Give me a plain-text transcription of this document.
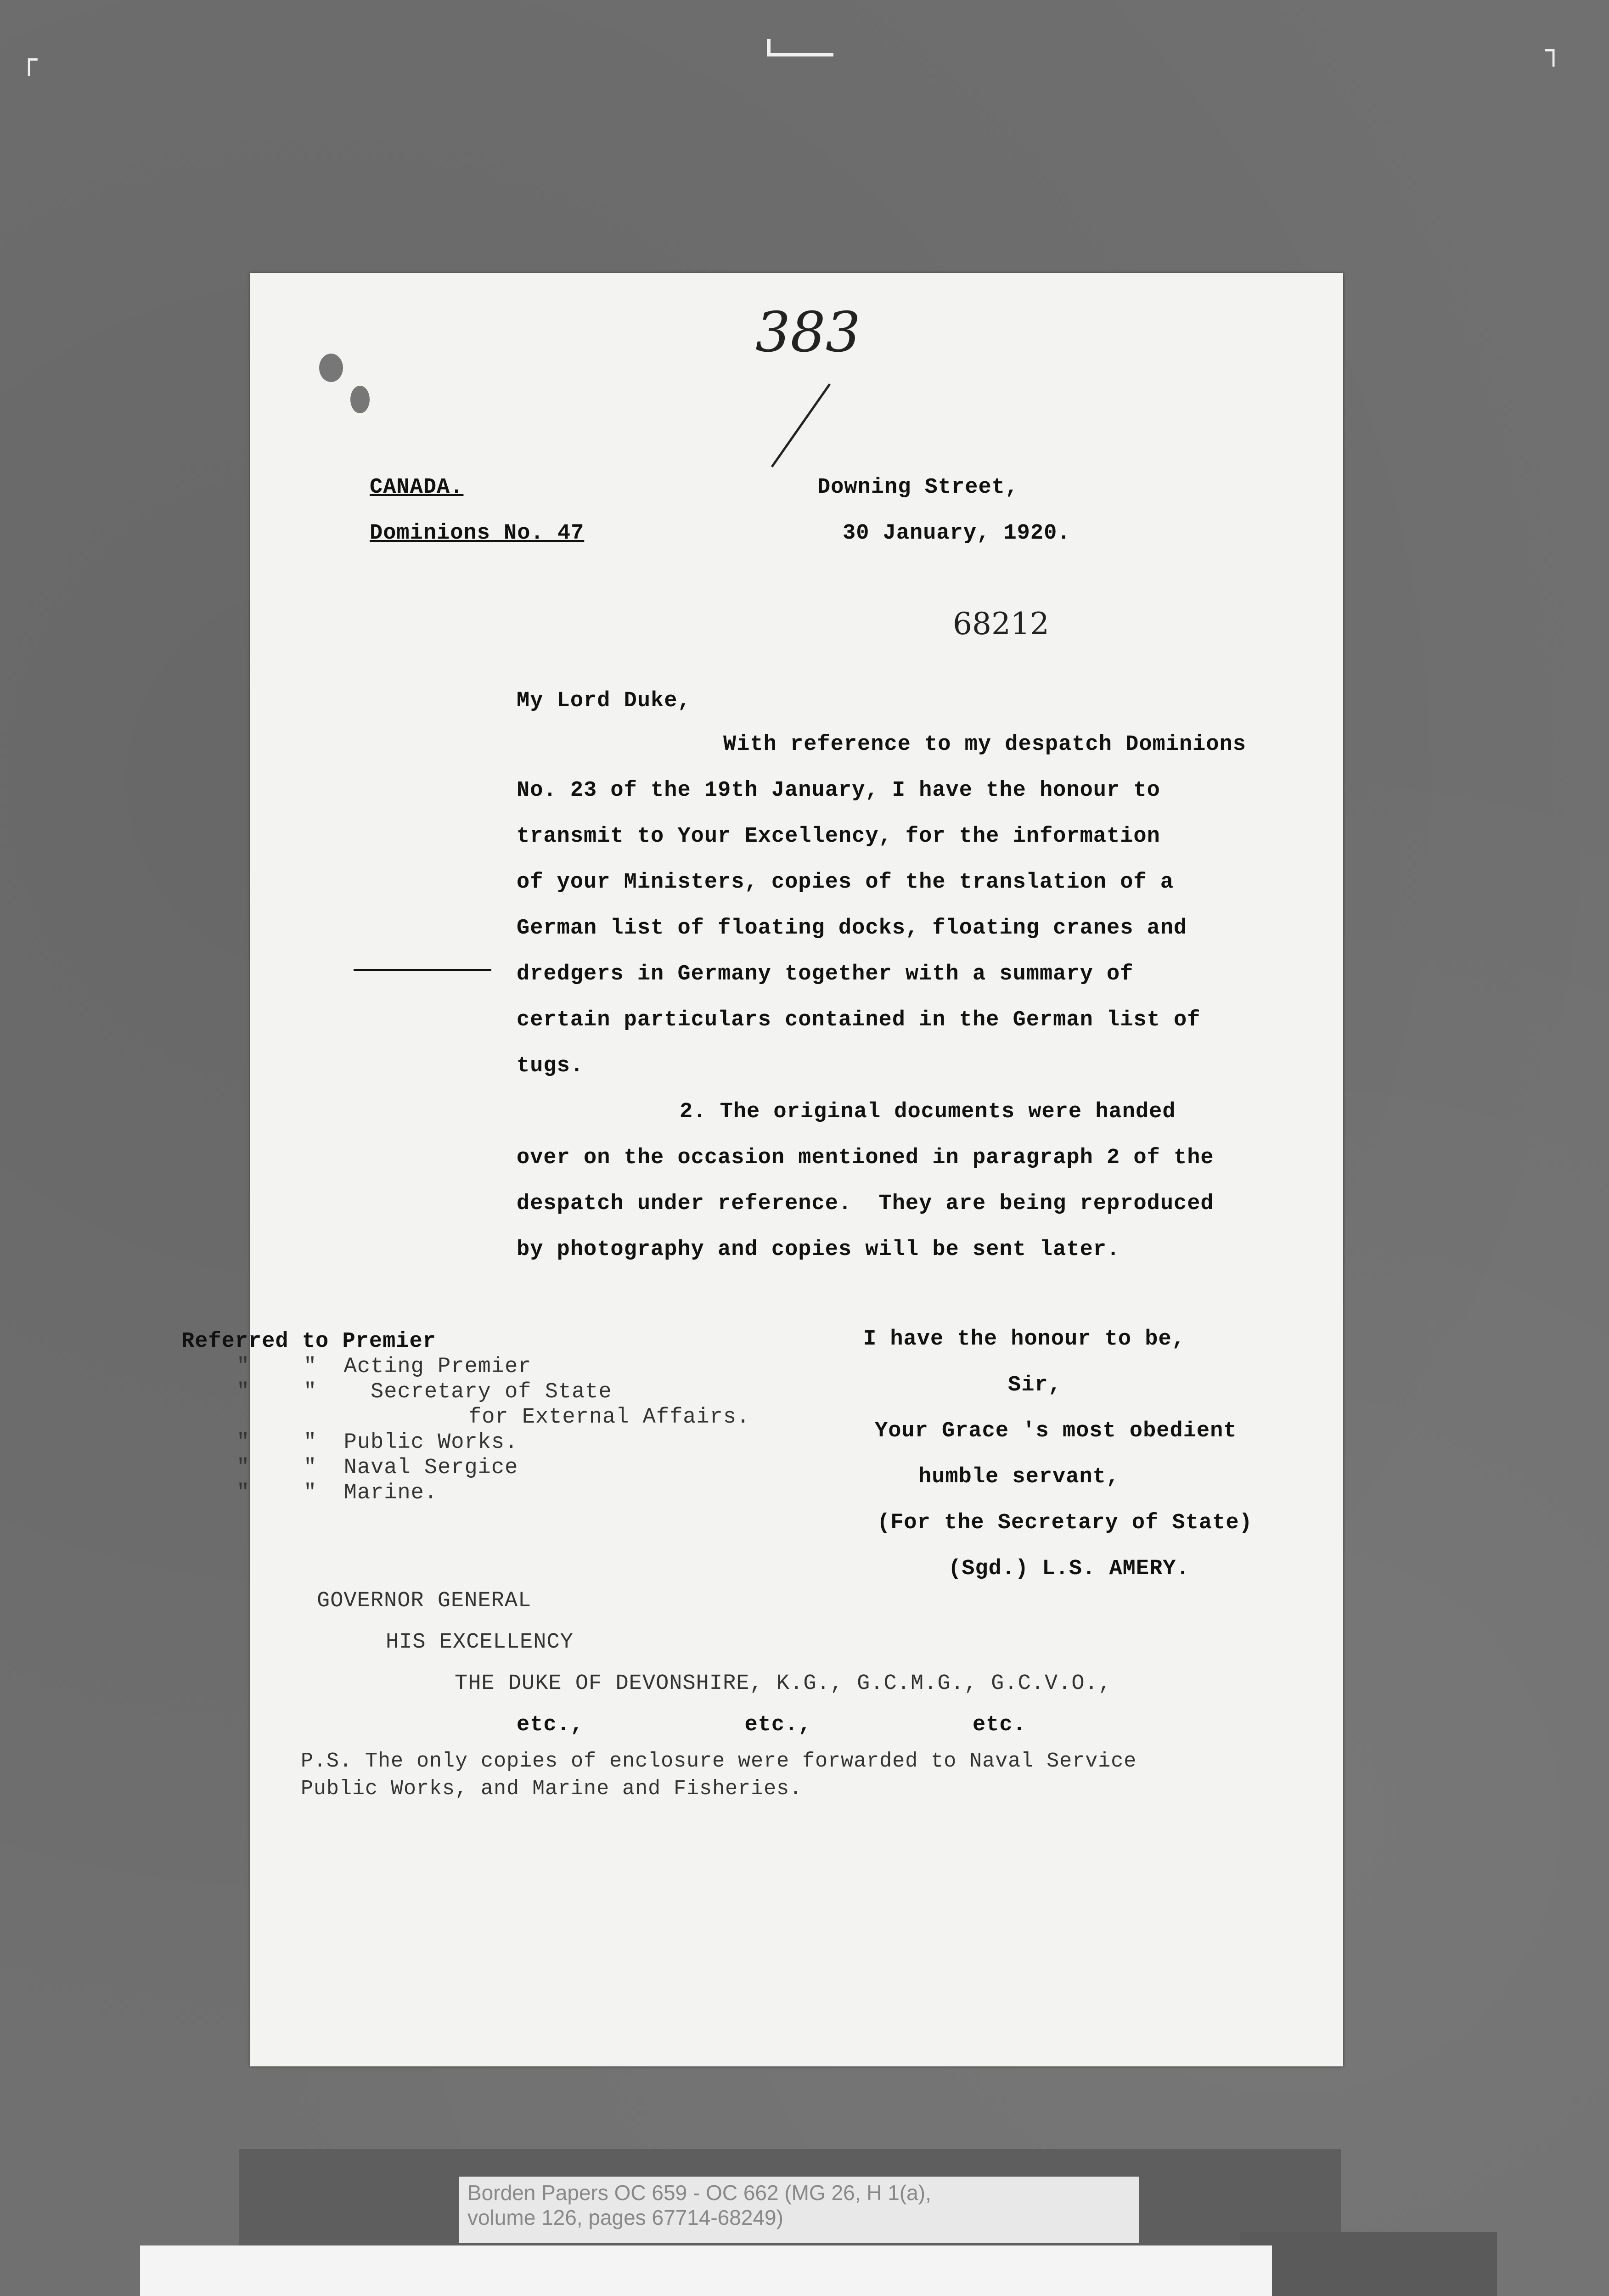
┌	┐
383
CANADA.
Dominions No. 47
Downing Street,
30 January, 1920.
68212
My Lord Duke,
With reference to my despatch Dominions
No. 23 of the 19th January, I have the honour to
transmit to Your Excellency, for the information
of your Ministers, copies of the translation of a
German list of floating docks, floating cranes and
dredgers in Germany together with a summary of
certain particulars contained in the German list of
tugs.
2. The original documents were handed
over on the occasion mentioned in paragraph 2 of the
despatch under reference.  They are being reproduced
by photography and copies will be sent later.
Referred to Premier
"    "  Acting Premier
"    "    Secretary of State
for External Affairs.
"    "  Public Works.
"    "  Naval Sergice
"    "  Marine.
I have the honour to be,
Sir,
Your Grace 's most obedient
humble servant,
(For the Secretary of State)
(Sgd.) L.S. AMERY.
GOVERNOR GENERAL
HIS EXCELLENCY
THE DUKE OF DEVONSHIRE, K.G., G.C.M.G., G.C.V.O.,
etc.,            etc.,            etc.
P.S. The only copies of enclosure were forwarded to Naval Service
Public Works, and Marine and Fisheries.
Borden Papers OC 659 - OC 662 (MG 26, H 1(a),
volume 126, pages 67714-68249)
